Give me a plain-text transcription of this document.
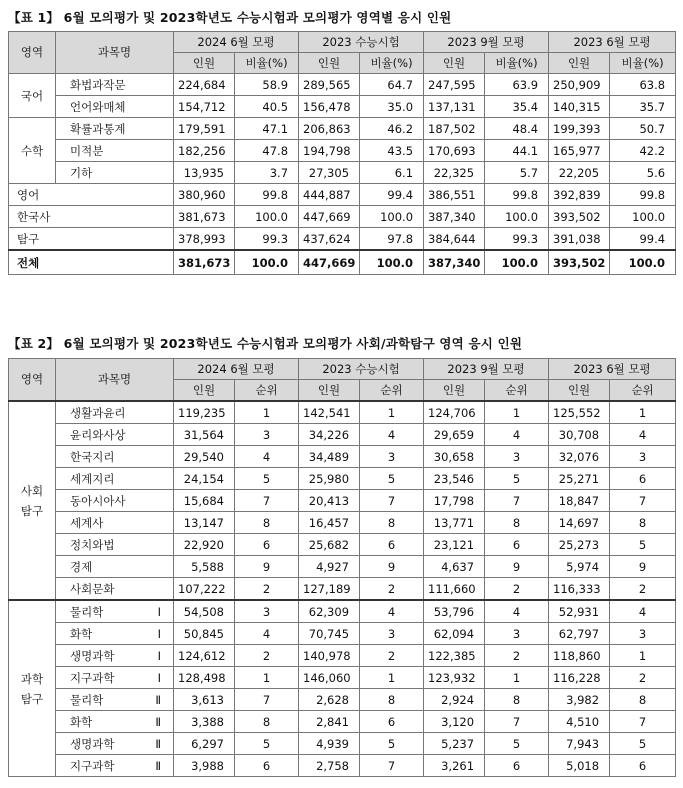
【표 1】 6월 모의평가 및 2023학년도 수능시험과 모의평가 영역별 응시 인원
영역	과목명	2024 6월 모평		2023 수능시험		2023 9월 모평		2023 6월 모평	
		인원	비율(%)	인원	비율(%)	인원	비율(%)	인원	비율(%)
국어	화법과작문	224,684	58.9	289,565	64.7	247,595	63.9	250,909	63.8
	언어와매체	154,712	40.5	156,478	35.0	137,131	35.4	140,315	35.7
수학	확률과통계	179,591	47.1	206,863	46.2	187,502	48.4	199,393	50.7
	미적분	182,256	47.8	194,798	43.5	170,693	44.1	165,977	42.2
	기하	13,935	3.7	27,305	6.1	22,325	5.7	22,205	5.6
영어		380,960	99.8	444,887	99.4	386,551	99.8	392,839	99.8
한국사		381,673	100.0	447,669	100.0	387,340	100.0	393,502	100.0
탐구		378,993	99.3	437,624	97.8	384,644	99.3	391,038	99.4
전체		381,673	100.0	447,669	100.0	387,340	100.0	393,502	100.0
【표 2】 6월 모의평가 및 2023학년도 수능시험과 모의평가 사회/과학탐구 영역 응시 인원
영역	과목명	2024 6월 모평		2023 수능시험		2023 9월 모평		2023 6월 모평	
		인원	순위	인원	순위	인원	순위	인원	순위

사회
탐구	생활과윤리	119,235	1	142,541	1	124,706	1	125,552	1
	윤리와사상	31,564	3	34,226	4	29,659	4	30,708	4
	한국지리	29,540	4	34,489	3	30,658	3	32,076	3
	세계지리	24,154	5	25,980	5	23,546	5	25,271	6
	동아시아사	15,684	7	20,413	7	17,798	7	18,847	7
	세계사	13,147	8	16,457	8	13,771	8	14,697	8
	정치와법	22,920	6	25,682	6	23,121	6	25,273	5
	경제	5,588	9	4,927	9	4,637	9	5,974	9
	사회문화	107,222	2	127,189	2	111,660	2	116,333	2

과학
탐구	물리학Ⅰ	54,508	3	62,309	4	53,796	4	52,931	4
	화학Ⅰ	50,845	4	70,745	3	62,094	3	62,797	3
	생명과학Ⅰ	124,612	2	140,978	2	122,385	2	118,860	1
	지구과학Ⅰ	128,498	1	146,060	1	123,932	1	116,228	2
	물리학Ⅱ	3,613	7	2,628	8	2,924	8	3,982	8
	화학Ⅱ	3,388	8	2,841	6	3,120	7	4,510	7
	생명과학Ⅱ	6,297	5	4,939	5	5,237	5	7,943	5
	지구과학Ⅱ	3,988	6	2,758	7	3,261	6	5,018	6
